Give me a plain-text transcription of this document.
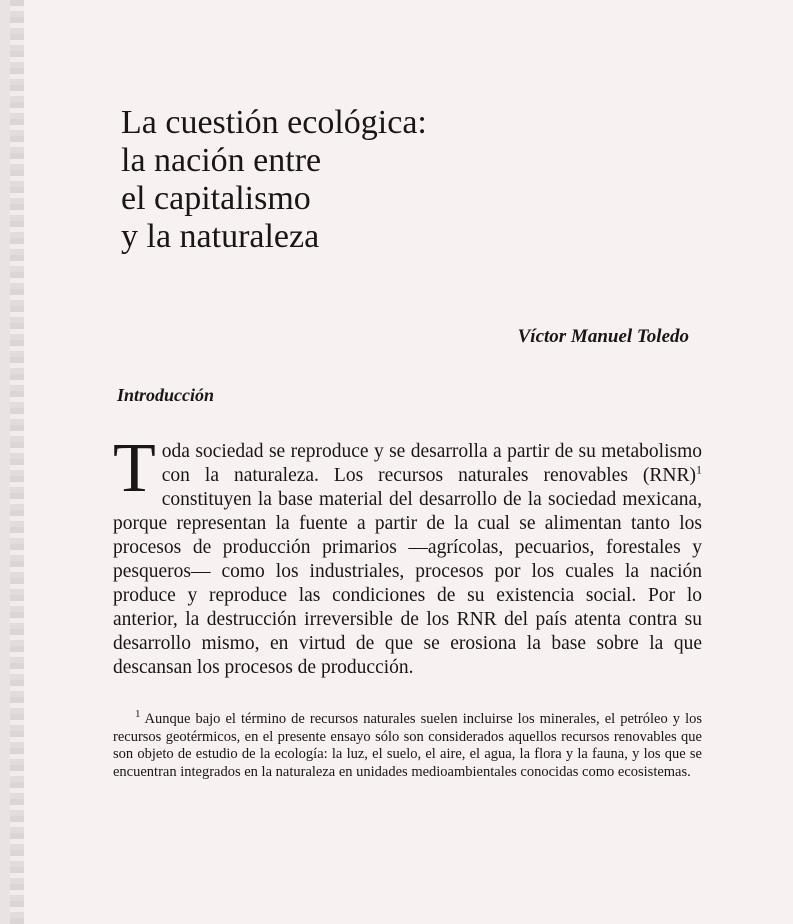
La cuestión ecológica:
la nación entre
el capitalismo
y la naturaleza
Víctor Manuel Toledo
Introducción

Toda sociedad se reproduce y se desarrolla a partir de su metabolismo con la naturaleza. Los recursos naturales renovables (RNR)$^1$ constituyen la base material del desarrollo de la sociedad mexicana, porque representan la fuente a partir de la cual se alimentan tanto los procesos de producción primarios —agrícolas, pecuarios, forestales y pesqueros— como los industriales, procesos por los cuales la nación produce y reproduce las condiciones de su existencia social. Por lo anterior, la destrucción irreversible de los RNR del país atenta contra su desarrollo mismo, en virtud de que se erosiona la base sobre la que descansan los procesos de producción.

$^1$ Aunque bajo el término de recursos naturales suelen incluirse los minerales, el petróleo y los recursos geotérmicos, en el presente ensayo sólo son considerados aquellos recursos renovables que son objeto de estudio de la ecología: la luz, el suelo, el aire, el agua, la flora y la fauna, y los que se encuentran integrados en la naturaleza en unidades medioambientales conocidas como ecosistemas.
